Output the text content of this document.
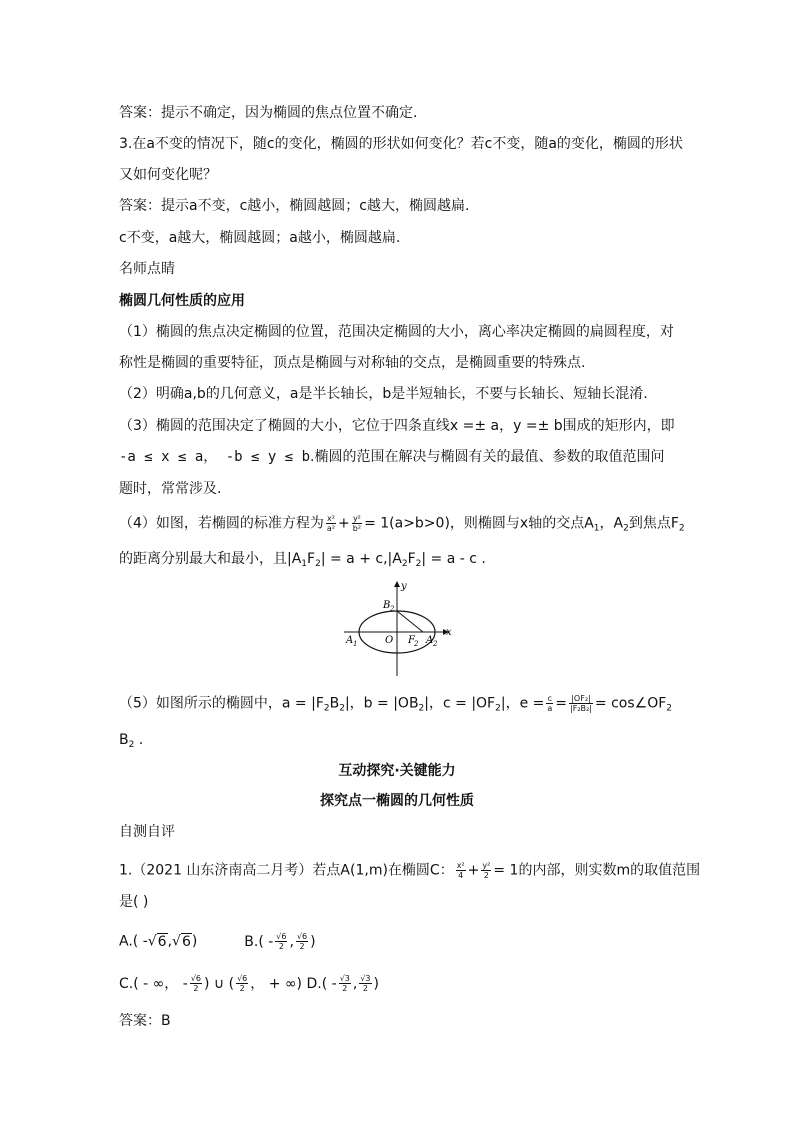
答案：提示不确定，因为椭圆的焦点位置不确定.
3.在a不变的情况下，随c的变化，椭圆的形状如何变化？若c不变，随a的变化，椭圆的形状
又如何变化呢？
答案：提示a不变，c越小，椭圆越圆；c越大，椭圆越扁.
c不变，a越大，椭圆越圆；a越小，椭圆越扁.
名师点睛
椭圆几何性质的应用
（1）椭圆的焦点决定椭圆的位置，范围决定椭圆的大小，离心率决定椭圆的扁圆程度，对
称性是椭圆的重要特征，顶点是椭圆与对称轴的交点，是椭圆重要的特殊点.
（2）明确a,b的几何意义，a是半长轴长，b是半短轴长，不要与长轴长、短轴长混淆.
（3）椭圆的范围决定了椭圆的大小，它位于四条直线x =± a，y =± b围成的矩形内，即
-a ≤ x ≤ a， -b ≤ y ≤ b.椭圆的范围在解决与椭圆有关的最值、参数的取值范围问
题时，常常涉及.
（4）如图，若椭圆的标准方程为 $\frac{\text{x²}}{\text{a²}} + \frac{\text{y²}}{\text{b²}} = 1(a>b>0)$，则椭圆与x轴的交点$A_1$，$A_2$到焦点$F_2$
的距离分别最大和最小，且$|A_1F_2| = a + c,|A_2F_2| = a - c$ .
y
x
O
B 2
A 1	F 2 A 2
（5）如图所示的椭圆中，$a = |F_2B_2|$，$b = |OB_2|$，$c = |OF_2|$，$e = \frac{c}{a} = \frac{\text{|OF₂|}}{\text{|F₂B₂|}}$ = $\cos\angle OF_2$
$B_2$ .
互动探究·关键能力
探究点一椭圆的几何性质
自测自评
1.（2021 山东济南高二月考）若点A(1,m)在椭圆C： $\frac{\text{x²}}{4} + \frac{\text{y²}}{2} = 1$的内部，则实数m的取值范围
是( )
A.( -√6,√6)	$B.( - \frac{√6}{2}$ , $\frac{√6}{2}$ )
C.( - ∞， - $\frac{√6}{2}$ ) ∪ ( $\frac{√6}{2}$ ， + ∞) $D.( - \frac{√3}{2}$ , $\frac{√3}{2}$ )
答案：B
